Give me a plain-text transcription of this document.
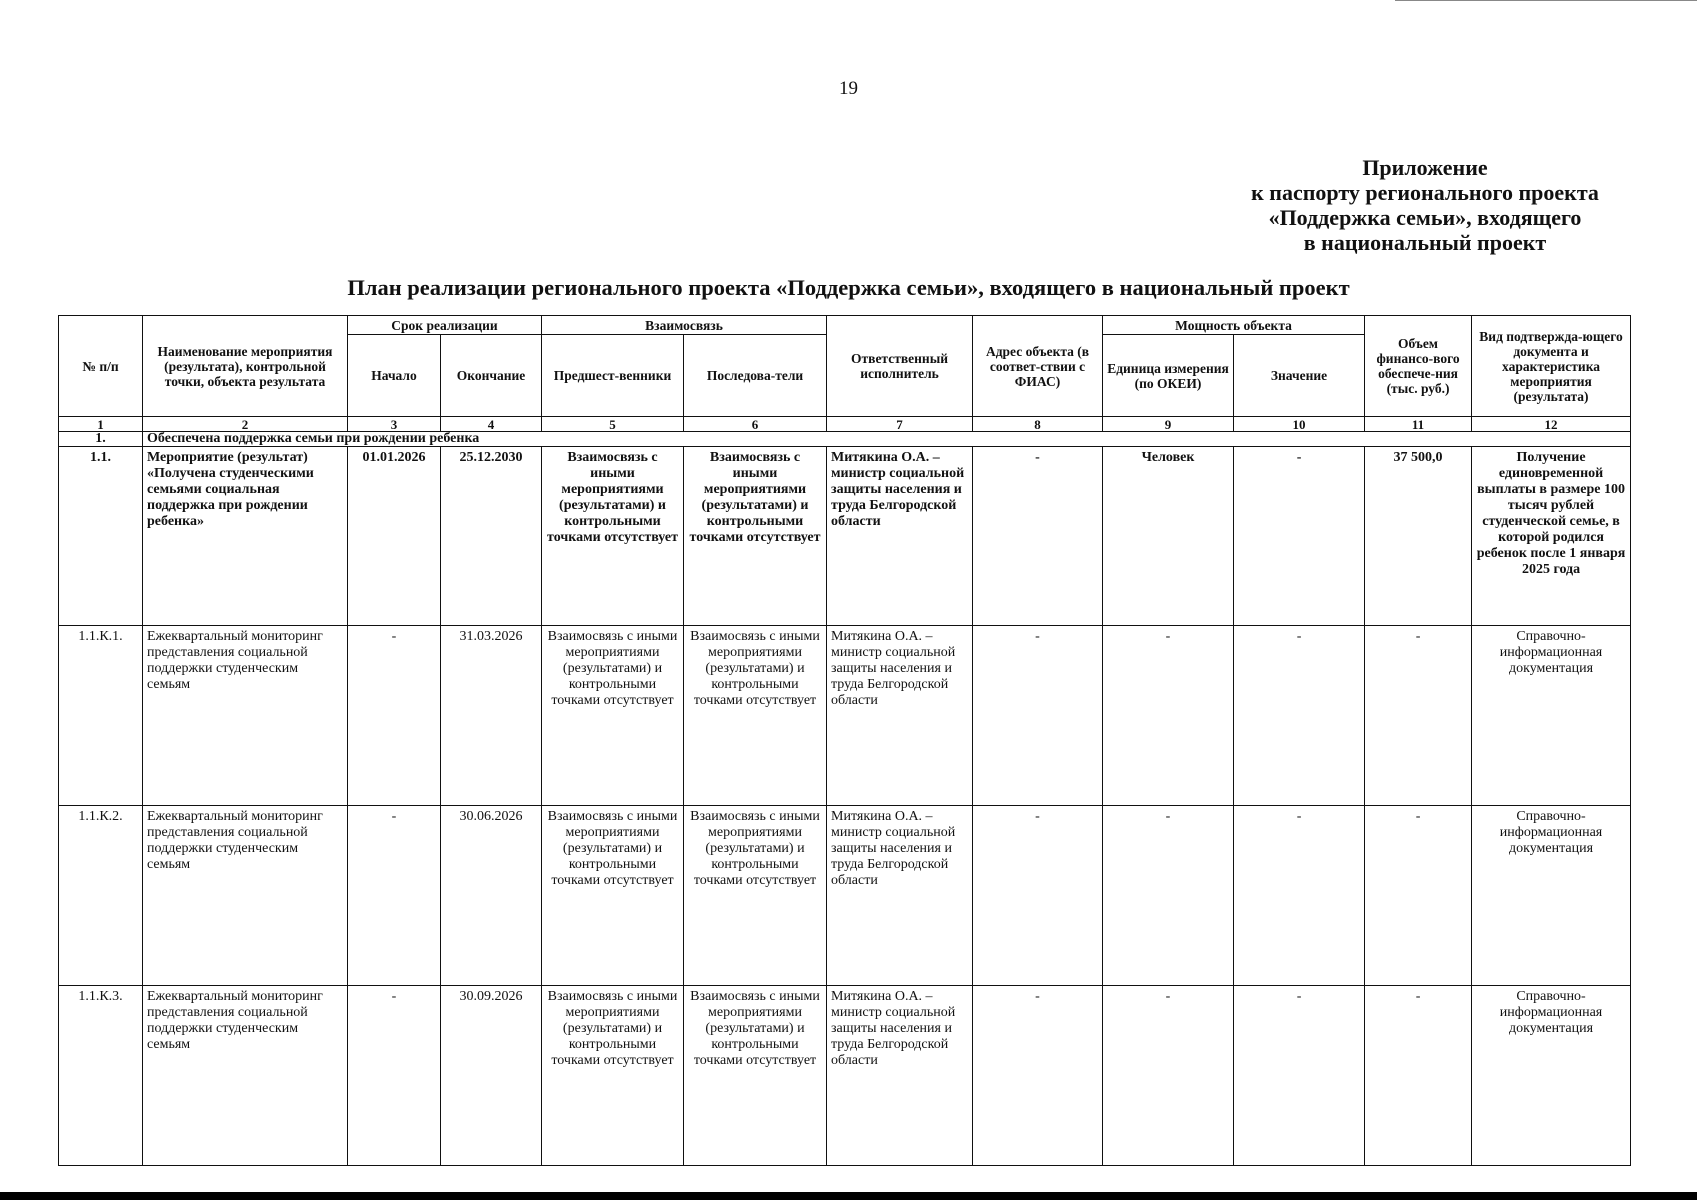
19
Приложение
к паспорту регионального проекта
«Поддержка семьи», входящего
в национальный проект
План реализации регионального проекта «Поддержка семьи», входящего в национальный проект
№ п/п	Наименование мероприятия (результата), контрольной точки, объекта результата	Срок реализации		Взаимосвязь		Ответственный исполнитель	Адрес объекта (в соответ-ствии с ФИАС)	Мощность объекта		Объем финансо-вого обеспече-ния (тыс. руб.)	Вид подтвержда-ющего документа и характеристика мероприятия (результата)
		Начало	Окончание	Предшест-венники	Последова-тели			Единица измерения (по ОКЕИ)	Значение		
1	2	3	4	5	6	7	8	9	10	11	12
1.	Обеспечена поддержка семьи при рождении ребенка										
1.1.	Мероприятие (результат) «Получена студенческими семьями социальная поддержка при рождении ребенка»	01.01.2026	25.12.2030	Взаимосвязь с иными мероприятиями (результатами) и контрольными точками отсутствует	Взаимосвязь с иными мероприятиями (результатами) и контрольными точками отсутствует	Митякина О.А. – министр социальной защиты населения и труда Белгородской области	-	Человек	-	37 500,0	Получение единовременной выплаты в размере 100 тысяч рублей студенческой семье, в которой родился ребенок после 1 января 2025 года
1.1.К.1.	Ежеквартальный мониторинг представления социальной поддержки студенческим семьям	-	31.03.2026	Взаимосвязь с иными мероприятиями (результатами) и контрольными точками отсутствует	Взаимосвязь с иными мероприятиями (результатами) и контрольными точками отсутствует	Митякина О.А. – министр социальной защиты населения и труда Белгородской области	-	-	-	-	Справочно-информационная документация
1.1.К.2.	Ежеквартальный мониторинг представления социальной поддержки студенческим семьям	-	30.06.2026	Взаимосвязь с иными мероприятиями (результатами) и контрольными точками отсутствует	Взаимосвязь с иными мероприятиями (результатами) и контрольными точками отсутствует	Митякина О.А. – министр социальной защиты населения и труда Белгородской области	-	-	-	-	Справочно-информационная документация
1.1.К.3.	Ежеквартальный мониторинг представления социальной поддержки студенческим семьям	-	30.09.2026	Взаимосвязь с иными мероприятиями (результатами) и контрольными точками отсутствует	Взаимосвязь с иными мероприятиями (результатами) и контрольными точками отсутствует	Митякина О.А. – министр социальной защиты населения и труда Белгородской области	-	-	-	-	Справочно-информационная документация
